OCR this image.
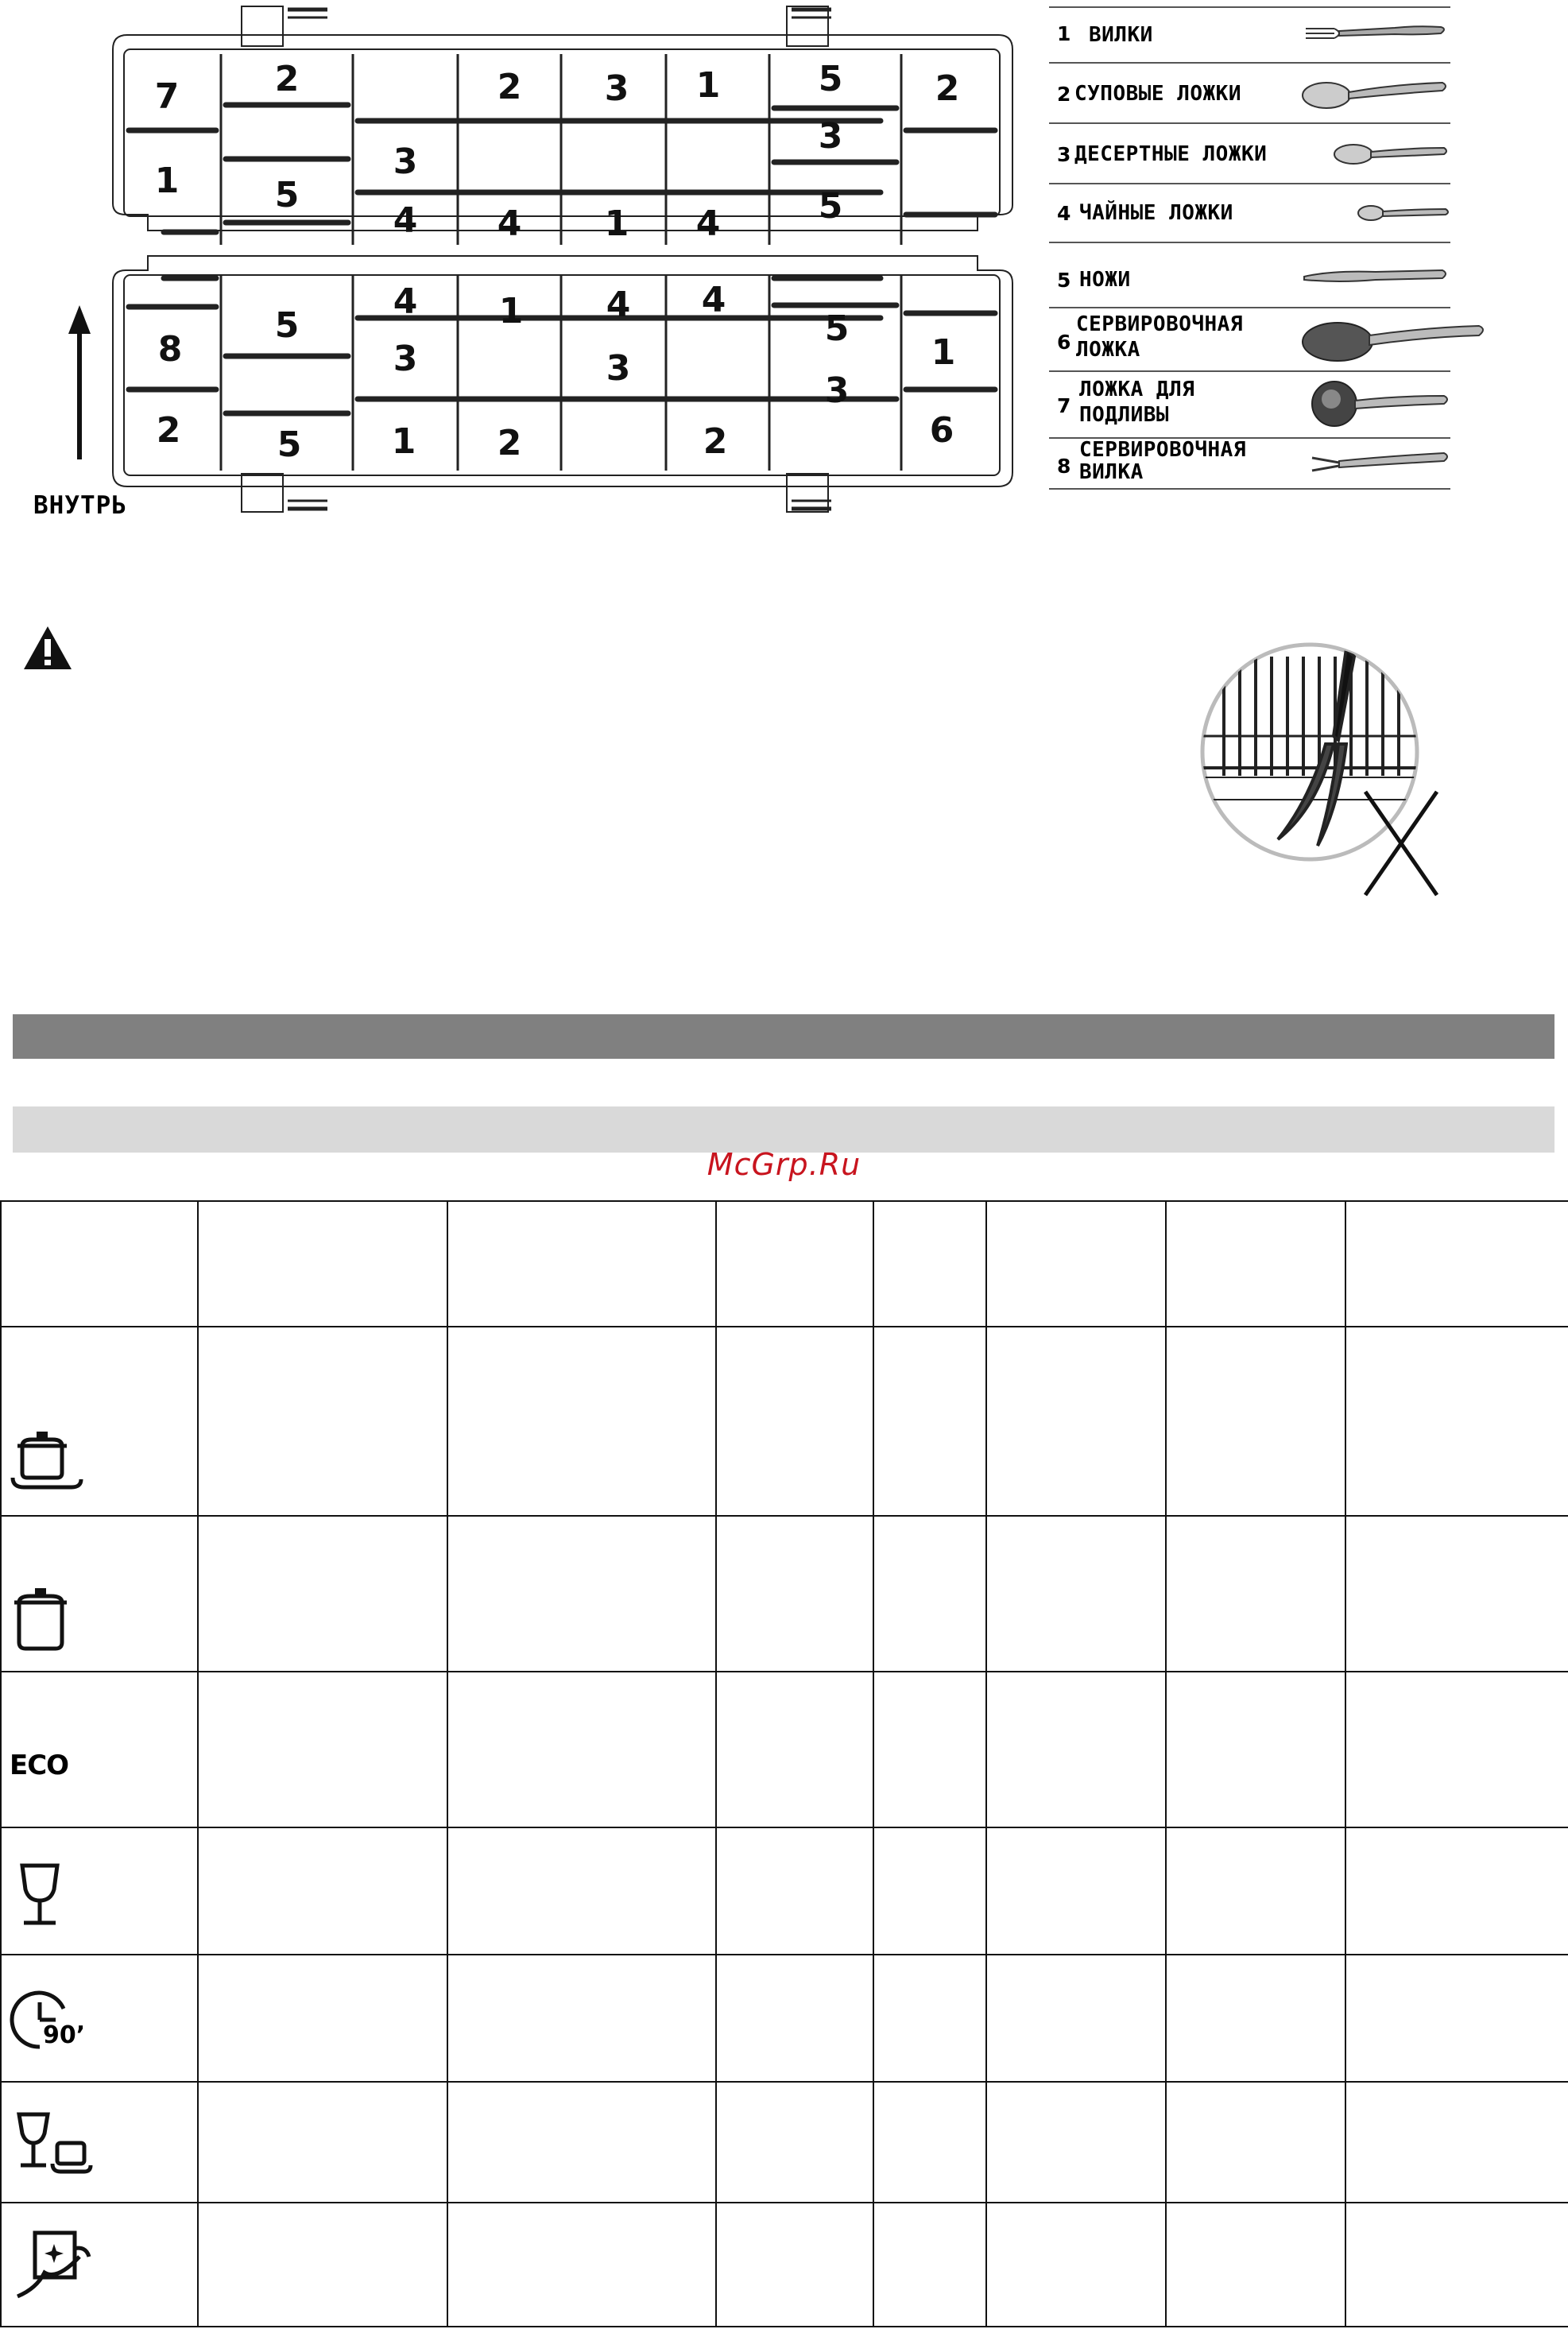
7
1
2
5
3
4
2
4
3
1
1
4
5
3
5
2
8
2
5
5
4
3
1
1
2
4
3
4
2
5
3
1
6
ВНУТРЬ
1 ВИЛКИ
2 СУПОВЫЕ ЛОЖКИ
3 ДЕСЕРТНЫЕ ЛОЖКИ
4 ЧАЙНЫЕ ЛОЖКИ
5 НОЖИ
6
СЕРВИРОВОЧНАЯ
ЛОЖКА
7
ЛОЖКА ДЛЯ
ПОДЛИВЫ
8
СЕРВИРОВОЧНАЯ
ВИЛКА
McGrp.Ru

ECO							

90’							
